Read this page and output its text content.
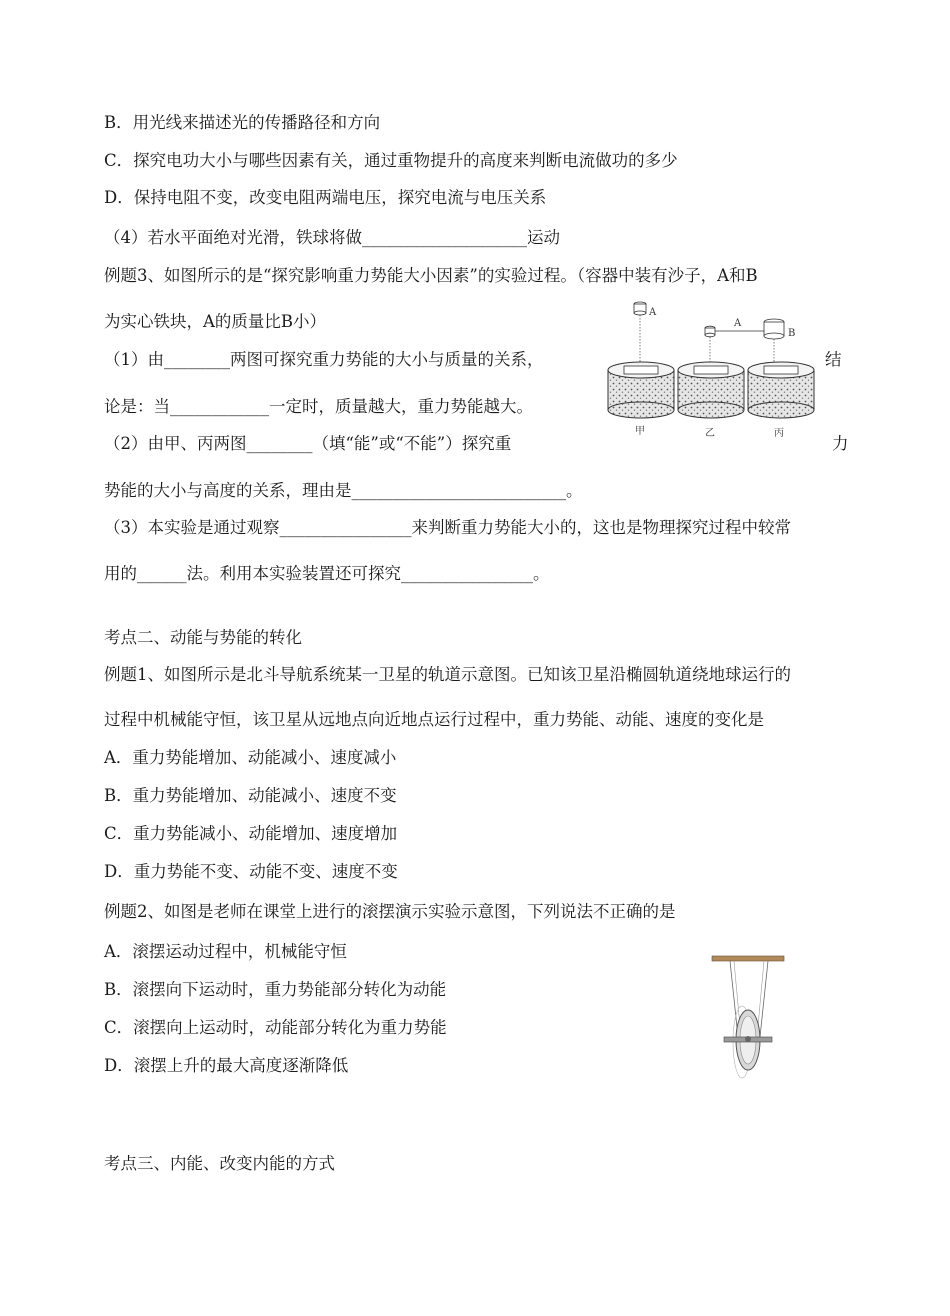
B．用光线来描述光的传播路径和方向
C．探究电功大小与哪些因素有关，通过重物提升的高度来判断电流做功的多少
D．保持电阻不变，改变电阻两端电压，探究电流与电压关系
（4）若水平面绝对光滑，铁球将做____________________运动
例题3、如图所示的是“探究影响重力势能大小因素”的实验过程。（容器中装有沙子，A和B
为实心铁块，A的质量比B小）
（1）由________两图可探究重力势能的大小与质量的关系，	结
论是：当____________一定时，质量越大，重力势能越大。
（2）由甲、丙两图________（填“能”或“不能”）探究重	力
势能的大小与高度的关系，理由是__________________________。
（3）本实验是通过观察________________来判断重力势能大小的，这也是物理探究过程中较常
用的______法。利用本实验装置还可探究________________。
A
A
B
甲	乙	丙
考点二、动能与势能的转化
例题1、如图所示是北斗导航系统某一卫星的轨道示意图。已知该卫星沿椭圆轨道绕地球运行的
过程中机械能守恒，该卫星从远地点向近地点运行过程中，重力势能、动能、速度的变化是
A．重力势能增加、动能减小、速度减小
B．重力势能增加、动能减小、速度不变
C．重力势能减小、动能增加、速度增加
D．重力势能不变、动能不变、速度不变
例题2、如图是老师在课堂上进行的滚摆演示实验示意图，下列说法不正确的是
A．滚摆运动过程中，机械能守恒
B．滚摆向下运动时，重力势能部分转化为动能
C．滚摆向上运动时，动能部分转化为重力势能
D．滚摆上升的最大高度逐渐降低
考点三、内能、改变内能的方式
